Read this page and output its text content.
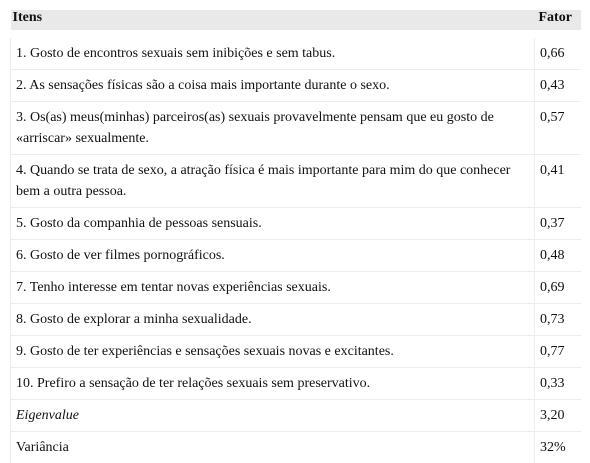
Itens	Fator
1. Gosto de encontros sexuais sem inibições e sem tabus.	0,66
2. As sensações físicas são a coisa mais importante durante o sexo.	0,43
3. Os(as) meus(minhas) parceiros(as) sexuais provavelmente pensam que eu gosto de «arriscar» sexualmente.	0,57
4. Quando se trata de sexo, a atração física é mais importante para mim do que conhecer bem a outra pessoa.	0,41
5. Gosto da companhia de pessoas sensuais.	0,37
6. Gosto de ver filmes pornográficos.	0,48
7. Tenho interesse em tentar novas experiências sexuais.	0,69
8. Gosto de explorar a minha sexualidade.	0,73
9. Gosto de ter experiências e sensações sexuais novas e excitantes.	0,77
10. Prefiro a sensação de ter relações sexuais sem preservativo.	0,33
Eigenvalue	3,20
Variância	32%
